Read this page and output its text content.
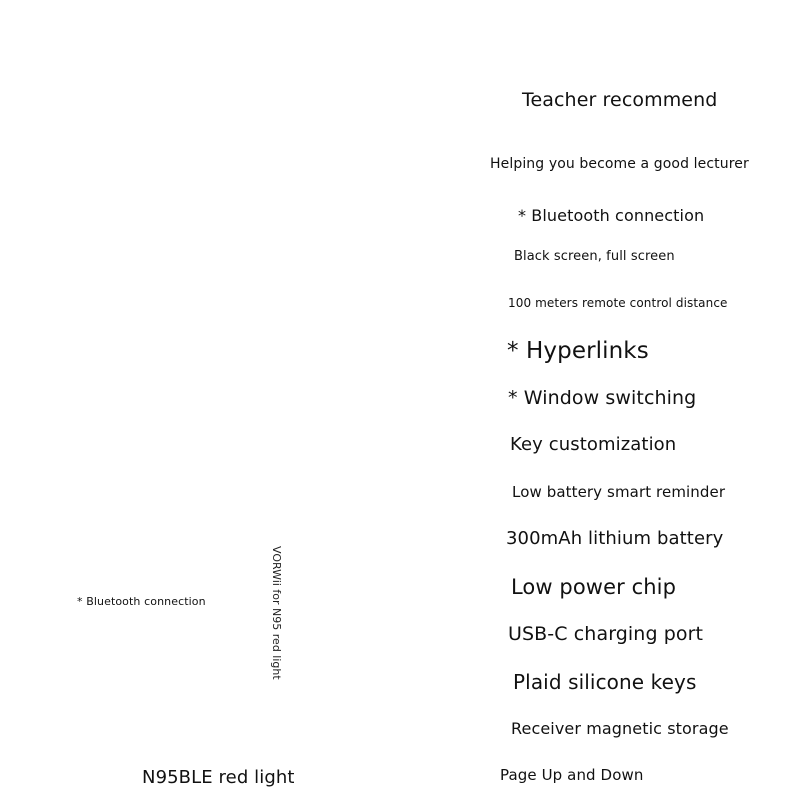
Teacher recommend
Helping you become a good lecturer
* Bluetooth connection
Black screen, full screen
100 meters remote control distance
* Hyperlinks
* Window switching
Key customization
Low battery smart reminder
300mAh lithium battery
Low power chip
USB-C charging port
Plaid silicone keys
Receiver magnetic storage
Page Up and Down
* Bluetooth connection	VORWii for N95 red light
N95BLE red light
